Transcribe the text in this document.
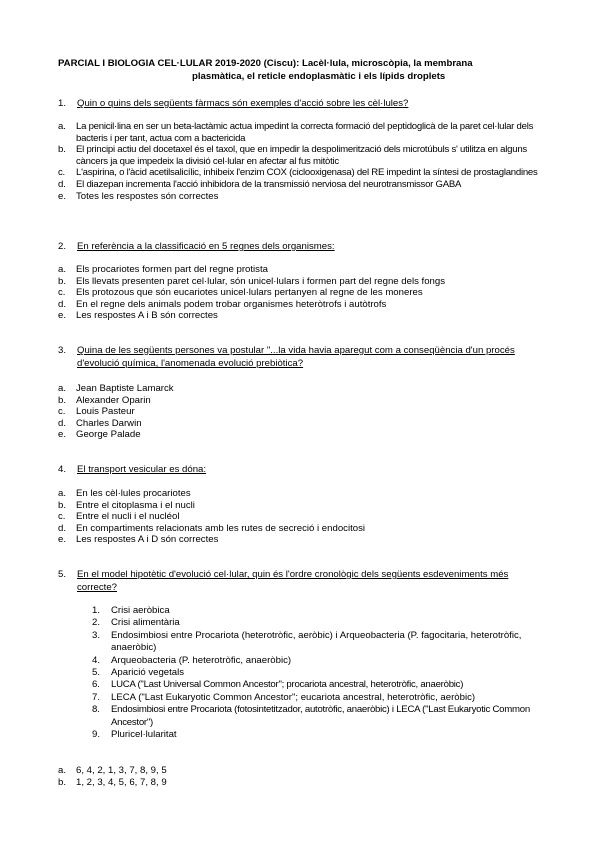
PARCIAL I BIOLOGIA CEL·LULAR 2019-2020 (Ciscu): Lacèl·lula, microscòpia, la membrana
plasmàtica, el reticle endoplasmàtic i els lípids droplets
1.	Quin o quins dels següents fàrmacs són exemples d'acció sobre les cèl·lules?
a. La penicil·lina en ser un beta-lactàmic actua impedint la correcta formació del peptidoglicà de la paret cel·lular dels bacteris i per tant, actua com a bactericida
b. El principi actiu del docetaxel és el taxol, que en impedir la despolimerització dels microtúbuls s' utilitza en alguns càncers ja que impedeix la divisió cel·lular en afectar al fus mitòtic
c. L'aspirina, o l'àcid acetilsalicílic, inhibeix l'enzim COX (ciclooxigenasa) del RE impedint la síntesi de prostaglandines
d. El diazepan incrementa l'acció inhibidora de la transmissió nerviosa del neurotransmissor GABA
e. Totes les respostes són correctes
2.	En referència a la classificació en 5 regnes dels organismes:
a. Els procariotes formen part del regne protista
b. Els llevats presenten paret cel·lular, són unicel·lulars i formen part del regne dels fongs
c. Els protozous que són eucariotes unicel·lulars pertanyen al regne de les moneres
d. En el regne dels animals podem trobar organismes heteròtrofs i autòtrofs
e. Les respostes A i B són correctes
3.	Quina de les següents persones va postular "...la vida havia aparegut com a conseqüència d'un procés d'evolució química, l'anomenada evolució prebiòtica?
a. Jean Baptiste Lamarck
b. Alexander Oparin
c. Louis Pasteur
d. Charles Darwin
e. George Palade
4.	El transport vesicular es dóna:
a. En les cèl·lules procariotes
b. Entre el citoplasma i el nucli
c. Entre el nucli i el nucléol
d. En compartiments relacionats amb les rutes de secreció i endocitosi
e. Les respostes A i D són correctes
5.	En el model hipotètic d'evolució cel·lular, quin és l'ordre cronològic dels següents esdeveniments més correcte?
1. Crisi aeròbica
2. Crisi alimentària
3. Endosimbiosi entre Procariota (heterotròfic, aeròbic) i Arqueobacteria (P. fagocitaria, heterotròfic, anaeròbic)
4. Arqueobacteria (P. heterotròfic, anaeròbic)
5. Aparició vegetals
6. LUCA ("Last Universal Common Ancestor"; procariota ancestral, heterotròfic, anaeròbic)
7. LECA ("Last Eukaryotic Common Ancestor"; eucariota ancestral, heterotròfic, aeròbic)
8. Endosimbiosi entre Procariota (fotosintetitzador, autotròfic, anaeròbic) i LECA ("Last Eukaryotic Common Ancestor")
9. Pluricel·lularitat
a. 6, 4, 2, 1, 3, 7, 8, 9, 5
b. 1, 2, 3, 4, 5, 6, 7, 8, 9
